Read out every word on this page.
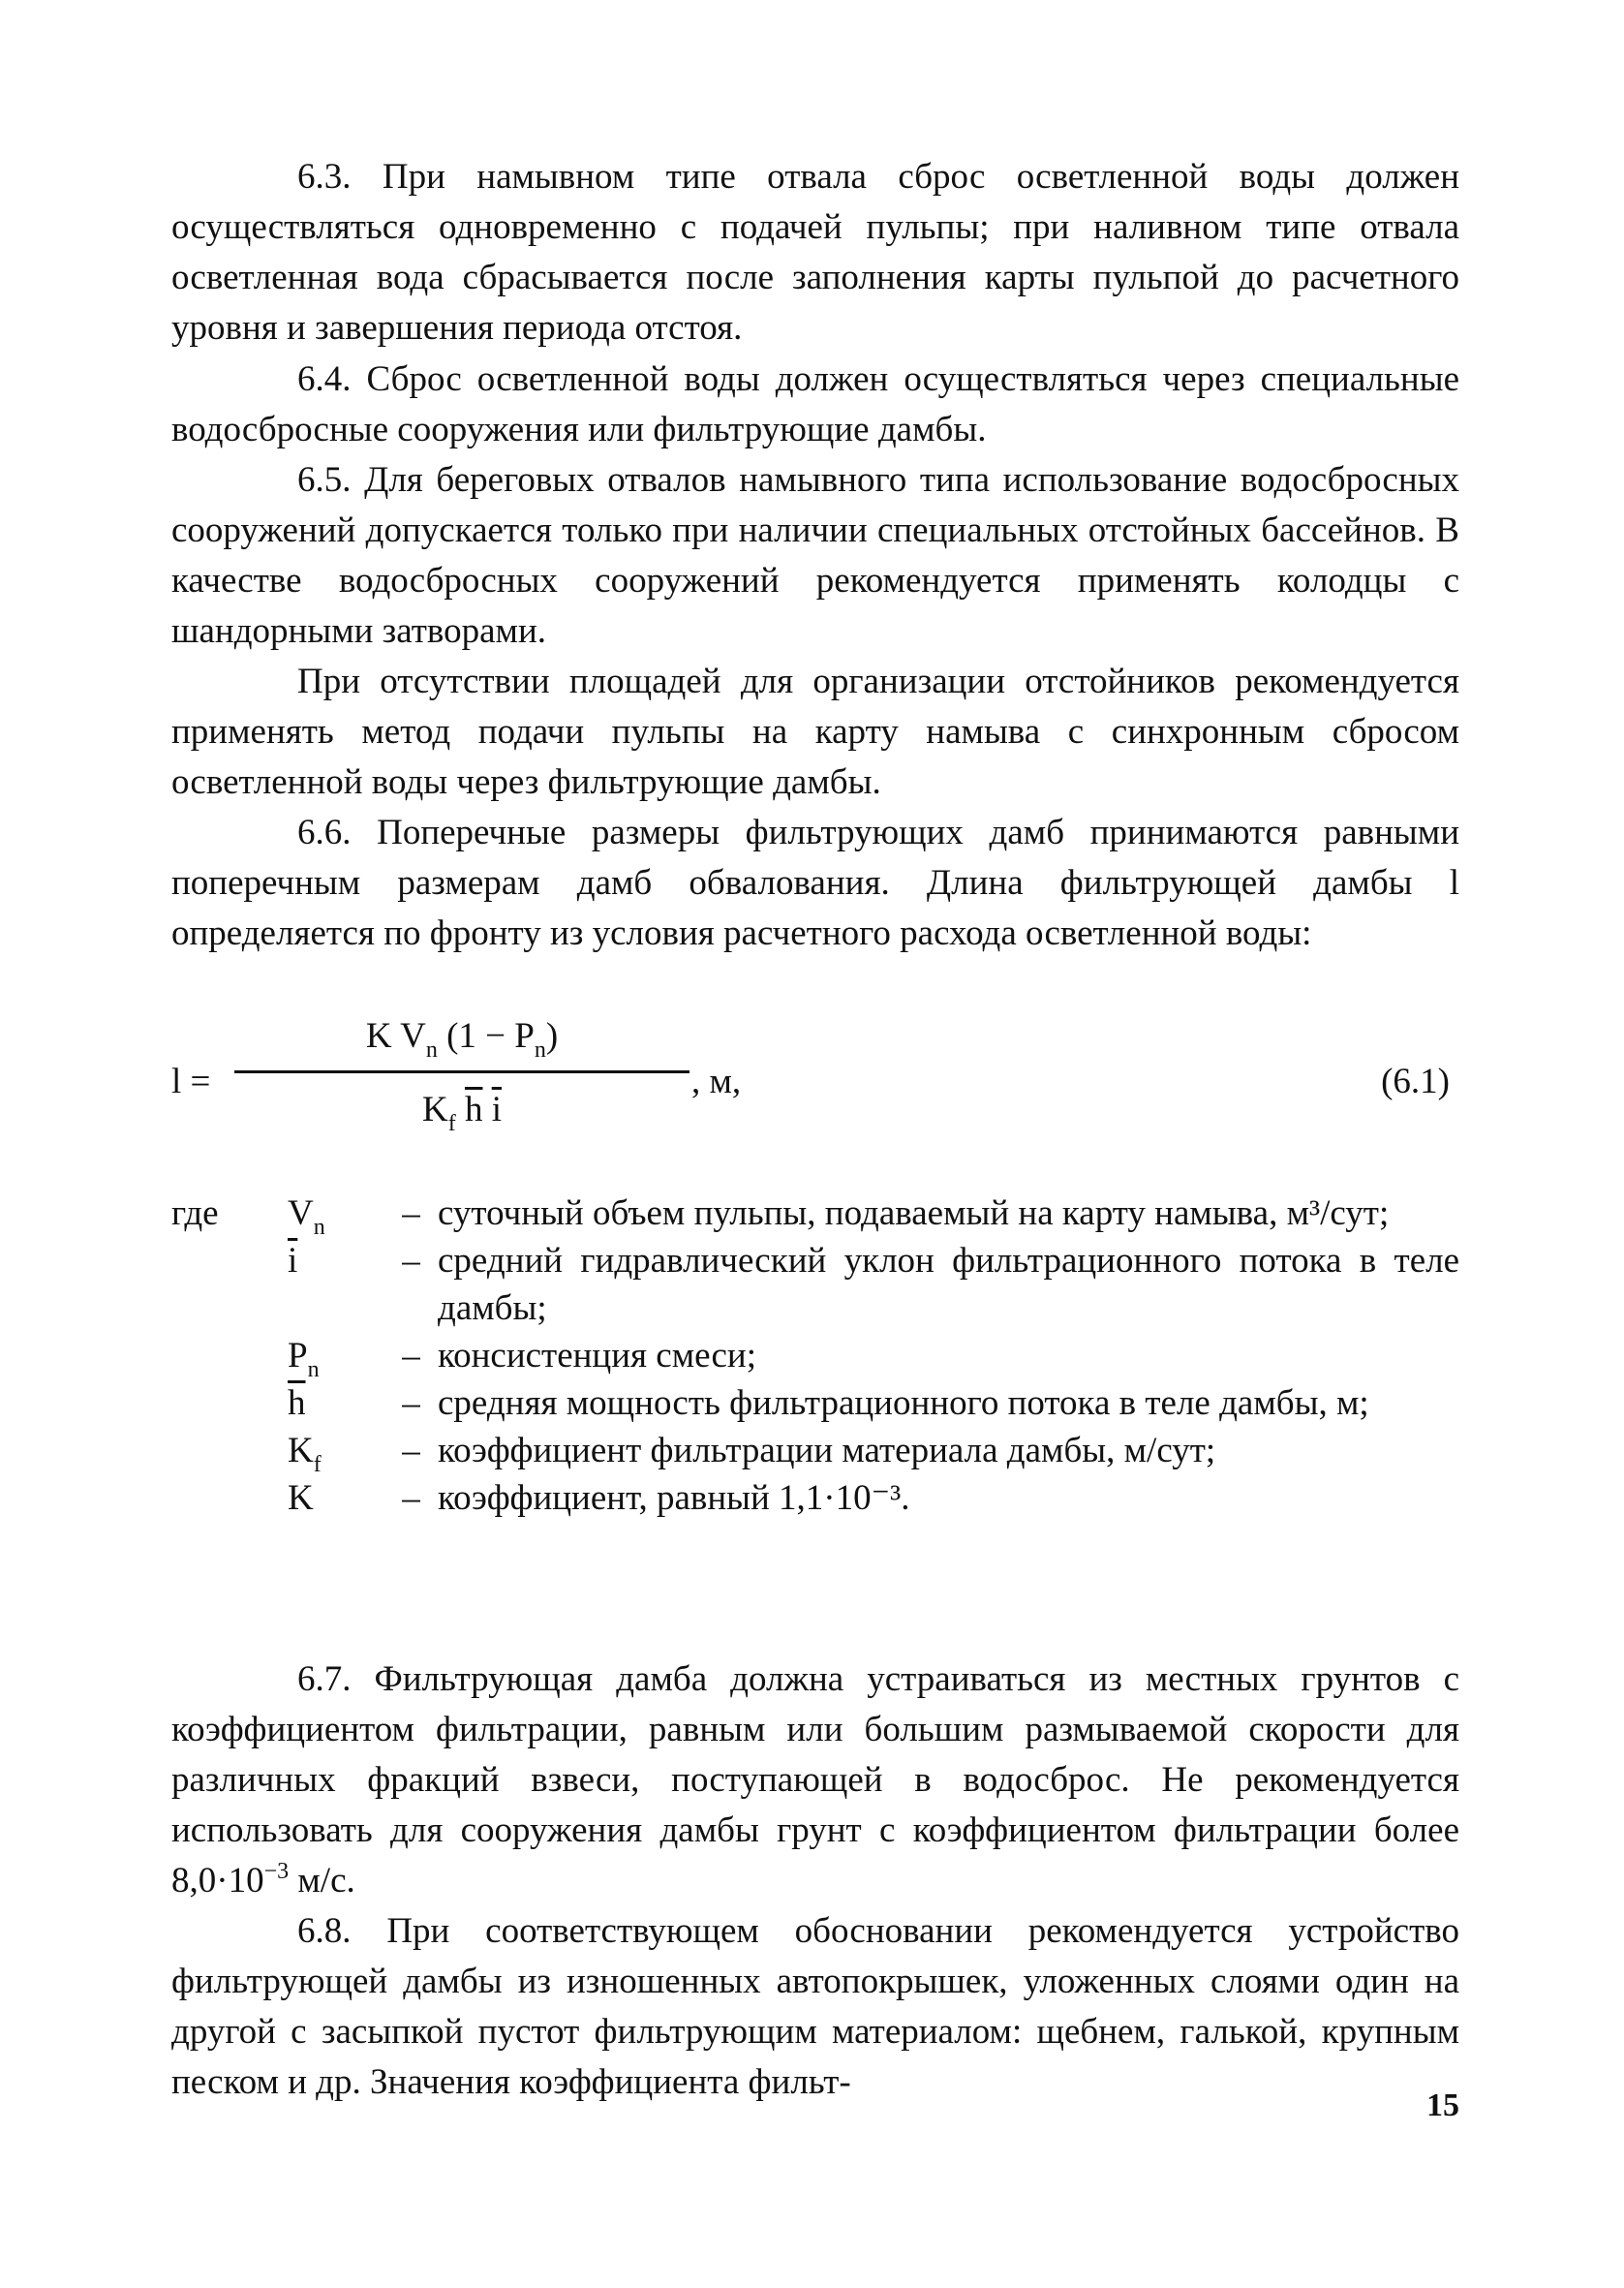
6.3. При намывном типе отвала сброс осветленной воды должен осуществляться одновременно с подачей пульпы; при наливном типе отвала осветленная вода сбрасывается после заполнения карты пульпой до расчетного уровня и завершения периода отстоя.

6.4. Сброс осветленной воды должен осуществляться через специальные водосбросные сооружения или фильтрующие дамбы.

6.5. Для береговых отвалов намывного типа использование водосбросных сооружений допускается только при наличии специальных отстойных бассейнов. В качестве водосбросных сооружений рекомендуется применять колодцы с шандорными затворами.

При отсутствии площадей для организации отстойников рекомендуется применять метод подачи пульпы на карту намыва с синхронным сбросом осветленной воды через фильтрующие дамбы.

6.6. Поперечные размеры фильтрующих дамб принимаются равными поперечным размерам дамб обвалования. Длина фильтрующей дамбы l определяется по фронту из условия расчетного расхода осветленной воды:

l =
K $V_n$ $(1 - P_n)$
$K_f$ $\overline{h}$ $\overline{i}$
, м,	(6.1)
где	$V_n$	– суточный объем пульпы, подаваемый на карту намыва, м³/сут;
$\overline{i}$	– средний гидравлический уклон фильтрационного потока в теле дамбы;
$P_n$	– консистенция смеси;
$\overline{h}$	– средняя мощность фильтрационного потока в теле дамбы, м;
$K_f$	– коэффициент фильтрации материала дамбы, м/сут;
K	– коэффициент, равный 1,1·10⁻³.

6.7. Фильтрующая дамба должна устраиваться из местных грунтов с коэффициентом фильтрации, равным или большим размываемой скорости для различных фракций взвеси, поступающей в водосброс. Не рекомендуется использовать для сооружения дамбы грунт с коэффициентом фильтрации более $8,0\cdot 10^{-3}$ м/с.

6.8. При соответствующем обосновании рекомендуется устройство фильтрующей дамбы из изношенных автопокрышек, уложенных слоями один на другой с засыпкой пустот фильтрующим материалом: щебнем, галькой, крупным песком и др. Значения коэффициента фильт-

15
